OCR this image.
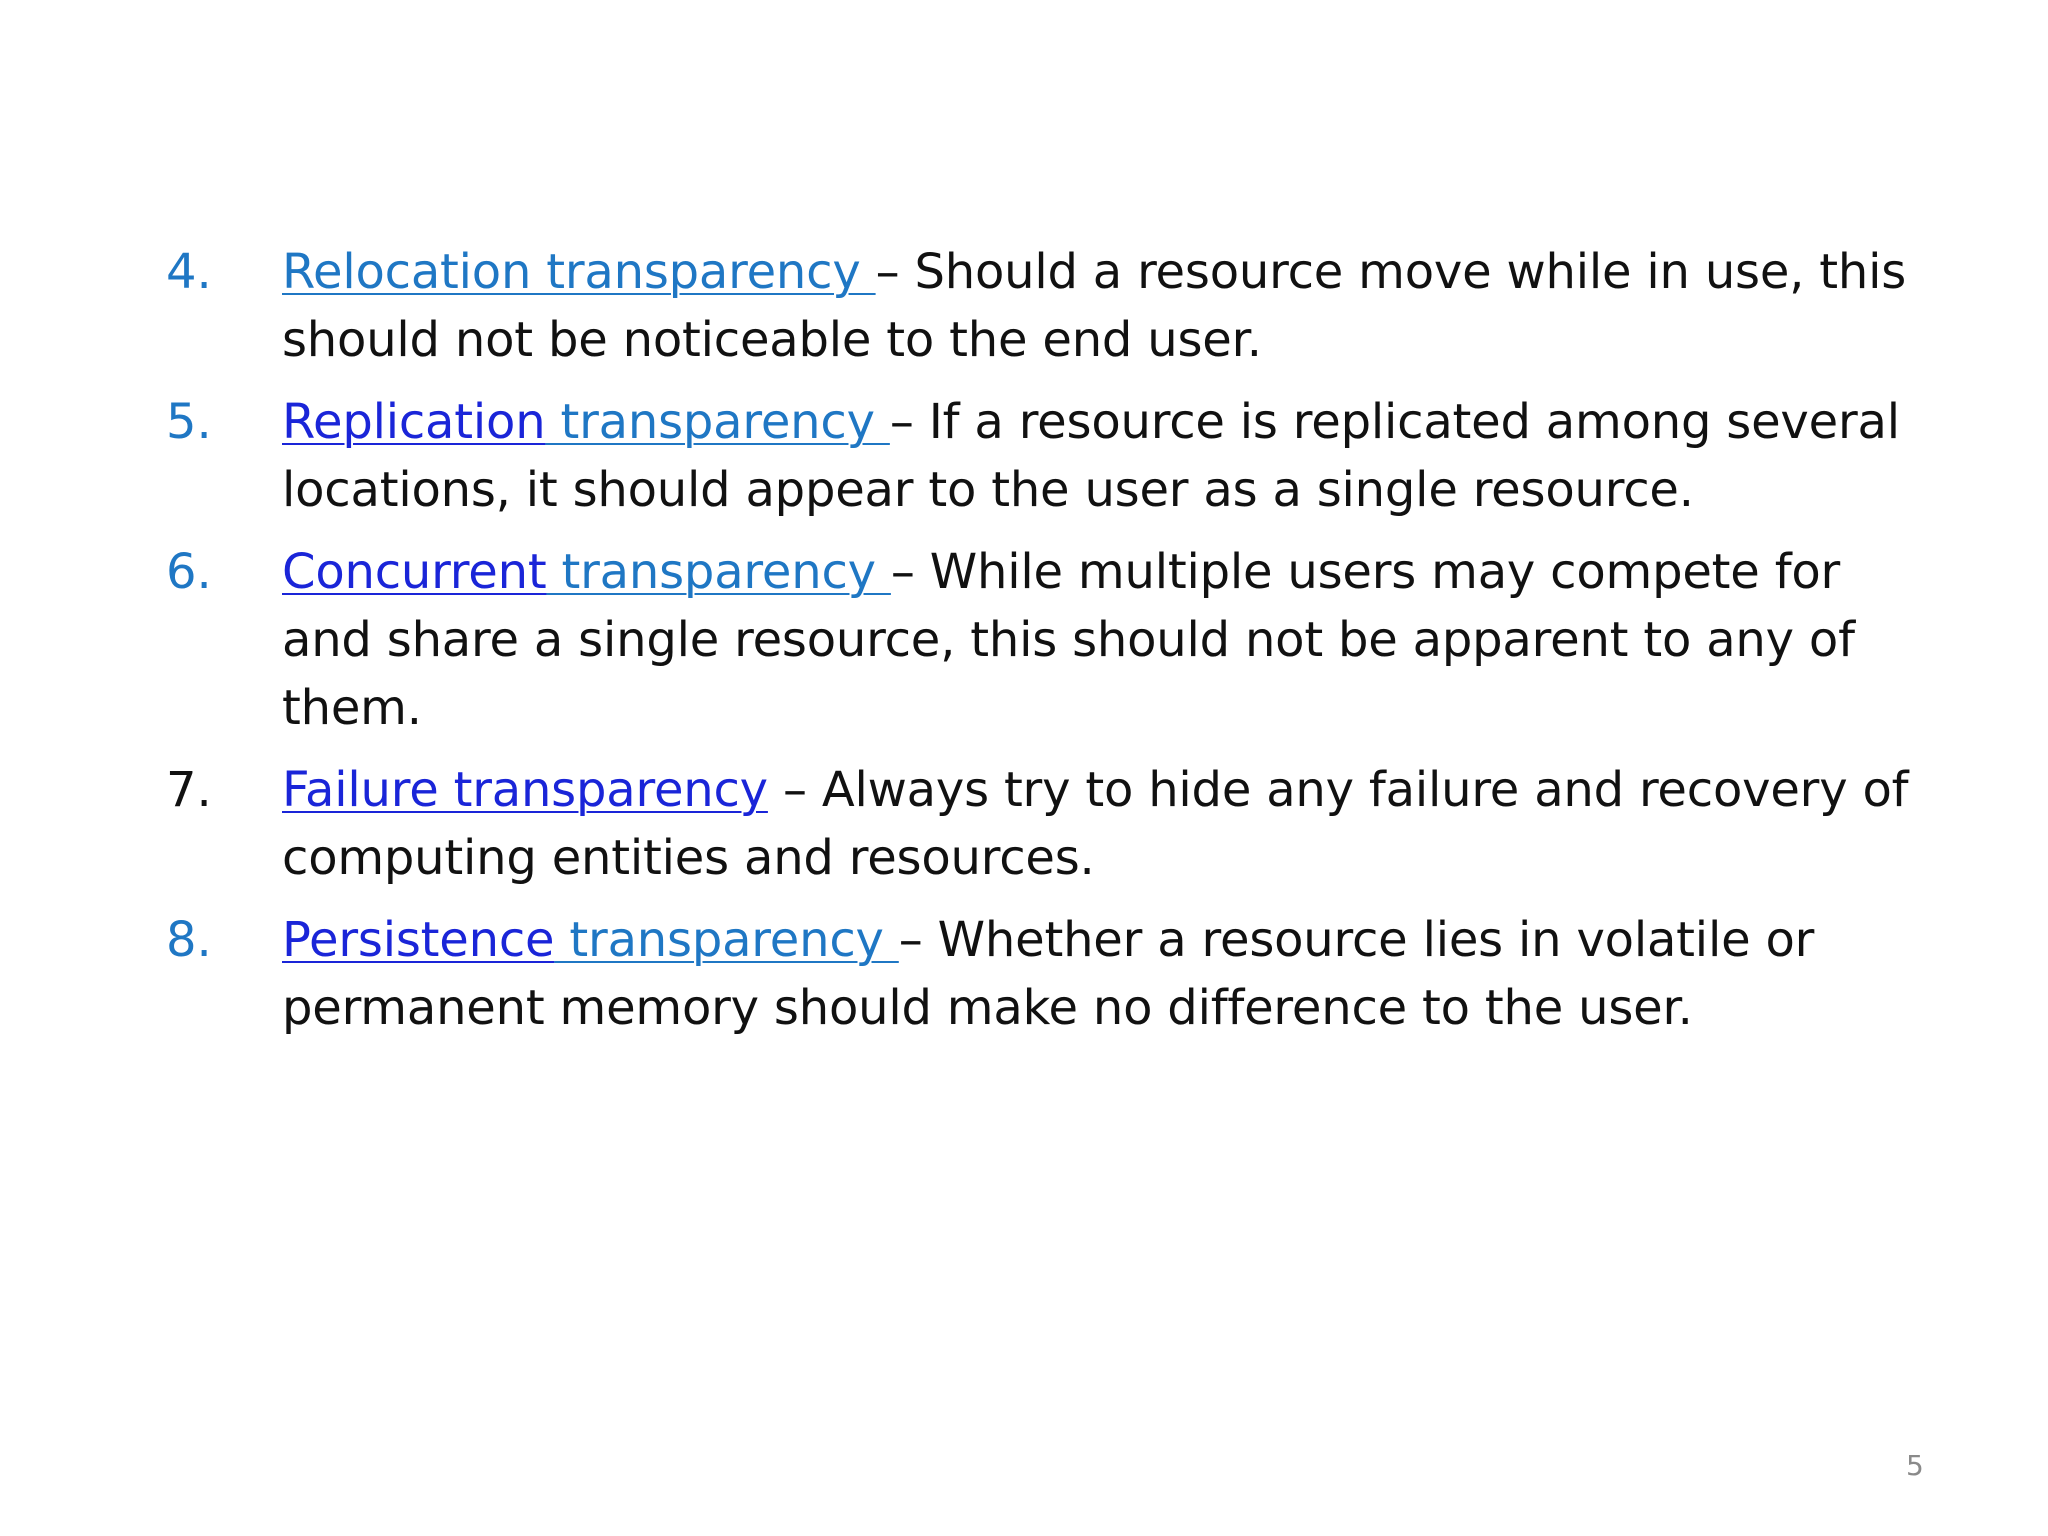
4. Relocation transparency – Should a resource move while in use, this should not be noticeable to the end user.
5. Replication transparency – If a resource is replicated among several locations, it should appear to the user as a single resource.
6. Concurrent transparency – While multiple users may compete for and share a single resource, this should not be apparent to any of them.
7. Failure transparency – Always try to hide any failure and recovery of computing entities and resources.
8. Persistence transparency – Whether a resource lies in volatile or permanent memory should make no difference to the user.
5
